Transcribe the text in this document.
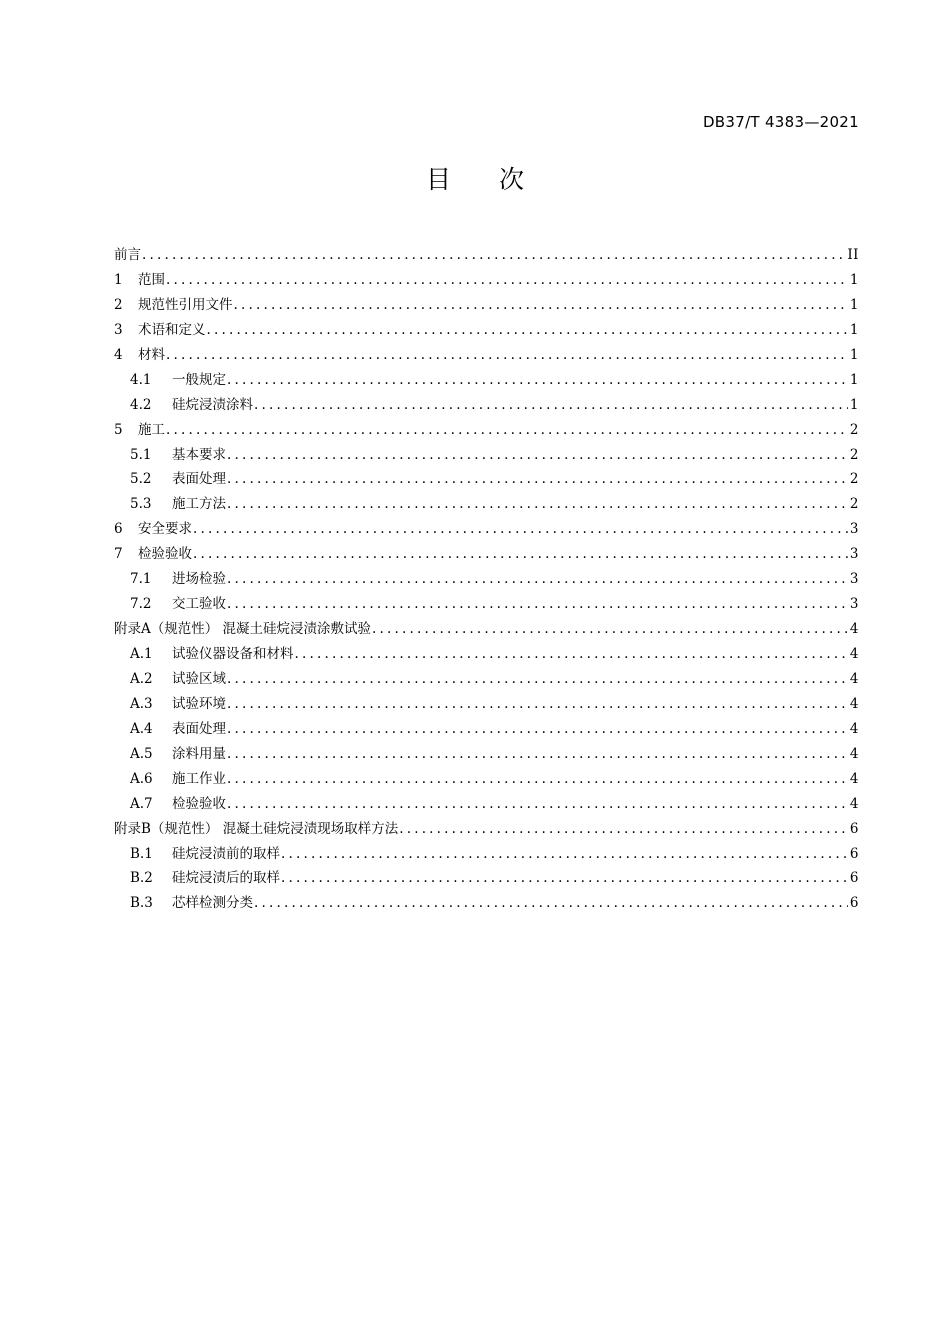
DB37/T 4383—2021
目 次
前言 .....	II
1	范围 .....	1
2	规范性引用文件 .....	1
3	术语和定义 .....	1
4	材料 .....	1
4.1	一般规定 .....	1
4.2	硅烷浸渍涂料 .....	1
5	施工 .....	2
5.1	基本要求 .....	2
5.2	表面处理 .....	2
5.3	施工方法 .....	2
6	安全要求 .....	3
7	检验验收 .....	3
7.1	进场检验 .....	3
7.2	交工验收 .....	3
附录A（规范性） 混凝土硅烷浸渍涂敷试验 .....	4
A.1	试验仪器设备和材料 .....	4
A.2	试验区域 .....	4
A.3	试验环境 .....	4
A.4	表面处理 .....	4
A.5	涂料用量 .....	4
A.6	施工作业 .....	4
A.7	检验验收 .....	4
附录B（规范性） 混凝土硅烷浸渍现场取样方法 .....	6
B.1	硅烷浸渍前的取样 .....	6
B.2	硅烷浸渍后的取样 .....	6
B.3	芯样检测分类 .....	6
